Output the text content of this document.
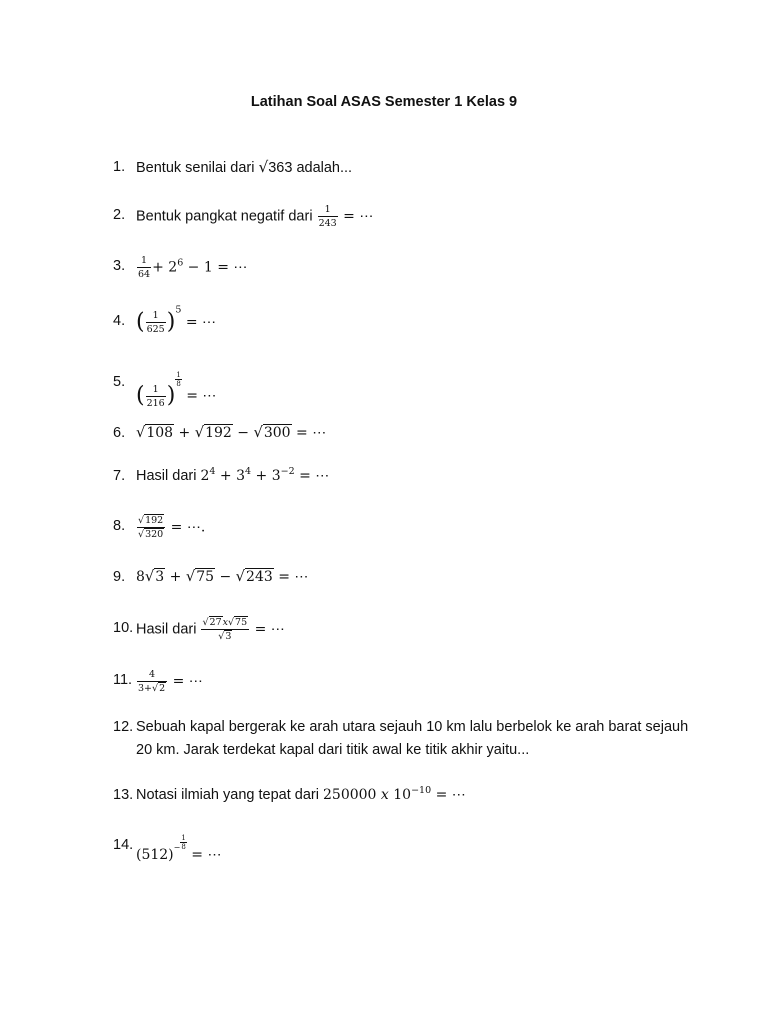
Latihan Soal ASAS Semester 1 Kelas 9
1. Bentuk senilai dari √363 adalah...
2. Bentuk pangkat negatif dari $\frac{1}{243}$ = ⋯
3.	$\frac{1}{64} + 2^6 - 1$ = ⋯
4. ( $\frac{1}{625} )^5$ = ⋯
5.
( $\frac{1}{216}$ )
$\frac{1}{8}$
= ⋯
6. √108 + √192 − √300 = ⋯
7. Hasil dari $2^4 + 3^4 + 3^{-2}$ = ⋯
8.	$\frac{√192}{√320}$ = ⋯.
9. 8√3 + √75 − √243 = ⋯
10. Hasil dari $\frac{√27x√75}{√3}$ = ⋯
11. $\frac{4}{3+√2}$ = ⋯
12. Sebuah kapal bergerak ke arah utara sejauh 10 km lalu berbelok ke arah barat sejauh
20 km. Jarak terdekat kapal dari titik awal ke titik akhir yaitu...
13. Notasi ilmiah yang tepat dari 250000 x $10^{-10}$ = ⋯
14.
$(512)- \frac{1}{8}$
= ⋯
